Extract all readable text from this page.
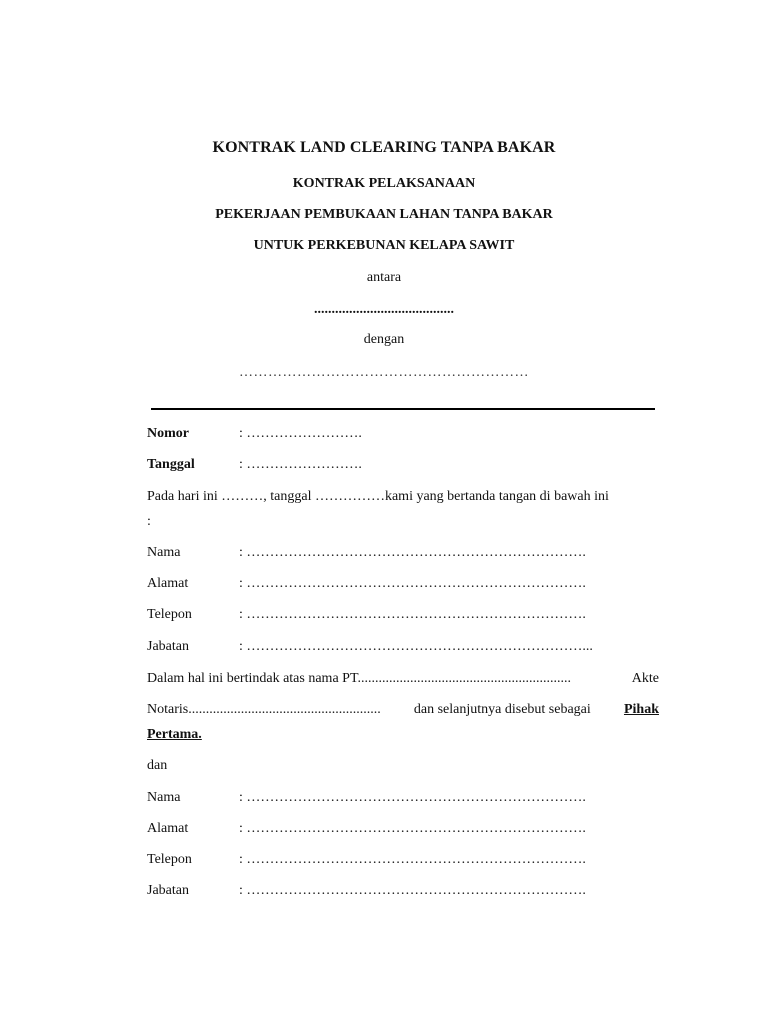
KONTRAK LAND CLEARING TANPA BAKAR
KONTRAK PELAKSANAAN
PEKERJAAN PEMBUKAAN LAHAN TANPA BAKAR
UNTUK PERKEBUNAN KELAPA SAWIT
antara
........................................
dengan
……………………………………………………
Nomor	: …………………….
Tanggal	: …………………….
Pada hari ini ………, tanggal ……………kami yang bertanda tangan di bawah ini
:
Nama	: ……………………………………………………………….
Alamat	: ……………………………………………………………….
Telepon	: ……………………………………………………………….
Jabatan	: ………………………………………………………………...
Dalam hal ini bertindak atas nama PT.............................................................	Akte
Notaris....................................................... dan selanjutnya disebut sebagai Pihak
Pertama.
dan
Nama	: ……………………………………………………………….
Alamat	: ……………………………………………………………….
Telepon	: ……………………………………………………………….
Jabatan	: ……………………………………………………………….
